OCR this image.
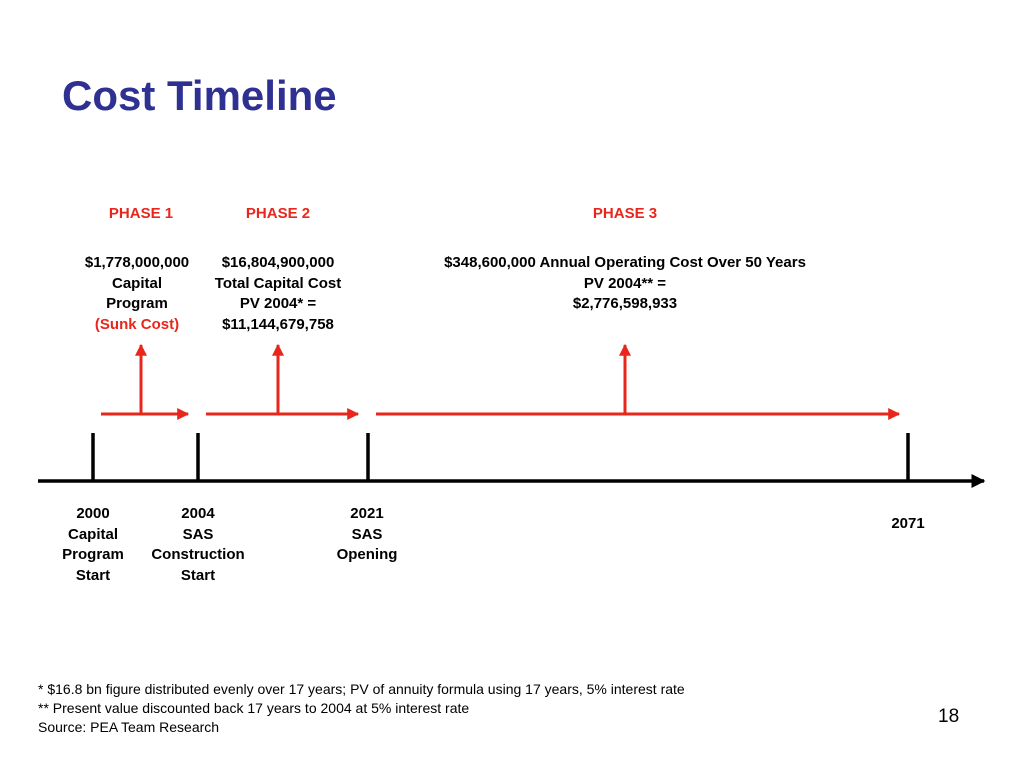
Cost Timeline
PHASE 1	PHASE 2	PHASE 3
$1,778,000,000
Capital
Program
(Sunk Cost)
$16,804,900,000
Total Capital Cost
PV 2004* =
$11,144,679,758
$348,600,000 Annual Operating Cost Over 50 Years
PV 2004** =
$2,776,598,933
2000
Capital
Program
Start
2004
SAS
Construction
Start
2021
SAS
Opening
2071
* $16.8 bn figure distributed evenly over 17 years; PV of annuity formula using 17 years, 5% interest rate
** Present value discounted back 17 years to 2004 at 5% interest rate
Source: PEA Team Research	18
